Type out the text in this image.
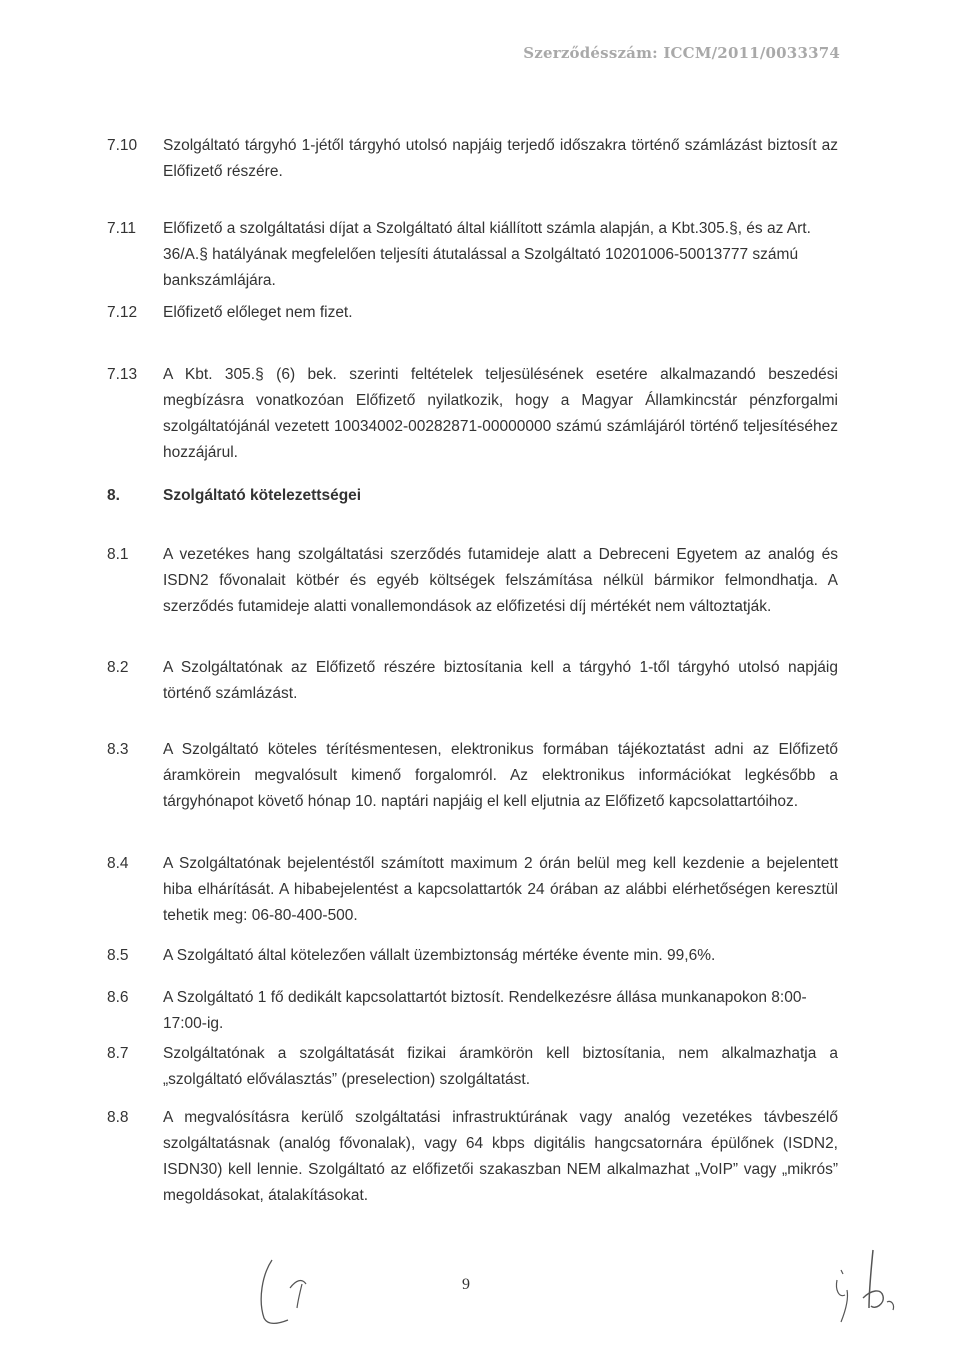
Szerződésszám: ICCM/2011/0033374
7.10 Szolgáltató tárgyhó 1-jétől tárgyhó utolsó napjáig terjedő időszakra történő számlázást biztosít az Előfizető részére.
7.11 Előfizető a szolgáltatási díjat a Szolgáltató által kiállított számla alapján, a Kbt.305.§, és az Art. 36/A.§ hatályának megfelelően teljesíti átutalással a Szolgáltató 10201006-50013777 számú bankszámlájára.
7.12 Előfizető előleget nem fizet.
7.13 A Kbt. 305.§ (6) bek. szerinti feltételek teljesülésének esetére alkalmazandó beszedési megbízásra vonatkozóan Előfizető nyilatkozik, hogy a Magyar Államkincstár pénzforgalmi szolgáltatójánál vezetett 10034002-00282871-00000000 számú számlájáról történő teljesítéséhez hozzájárul.
8.	Szolgáltató kötelezettségei
8.1 A vezetékes hang szolgáltatási szerződés futamideje alatt a Debreceni Egyetem az analóg és ISDN2 fővonalait kötbér és egyéb költségek felszámítása nélkül bármikor felmondhatja. A szerződés futamideje alatti vonallemondások az előfizetési díj mértékét nem változtatják.
8.2 A Szolgáltatónak az Előfizető részére biztosítania kell a tárgyhó 1-től tárgyhó utolsó napjáig történő számlázást.
8.3 A Szolgáltató köteles térítésmentesen, elektronikus formában tájékoztatást adni az Előfizető áramkörein megvalósult kimenő forgalomról. Az elektronikus információkat legkésőbb a tárgyhónapot követő hónap 10. naptári napjáig el kell eljutnia az Előfizető kapcsolattartóihoz.
8.4 A Szolgáltatónak bejelentéstől számított maximum 2 órán belül meg kell kezdenie a bejelentett hiba elhárítását. A hibabejelentést a kapcsolattartók 24 órában az alábbi elérhetőségen keresztül tehetik meg: 06-80-400-500.
8.5 A Szolgáltató által kötelezően vállalt üzembiztonság mértéke évente min. 99,6%.
8.6 A Szolgáltató 1 fő dedikált kapcsolattartót biztosít. Rendelkezésre állása munkanapokon 8:00-17:00-ig.
8.7 Szolgáltatónak a szolgáltatását fizikai áramkörön kell biztosítania, nem alkalmazhatja a „szolgáltató előválasztás” (preselection) szolgáltatást.
8.8 A megvalósításra kerülő szolgáltatási infrastruktúrának vagy analóg vezetékes távbeszélő szolgáltatásnak (analóg fővonalak), vagy 64 kbps digitális hangcsatornára épülőnek (ISDN2, ISDN30) kell lennie. Szolgáltató az előfizetői szakaszban NEM alkalmazhat „VoIP” vagy „mikrós” megoldásokat, átalakításokat.
9
